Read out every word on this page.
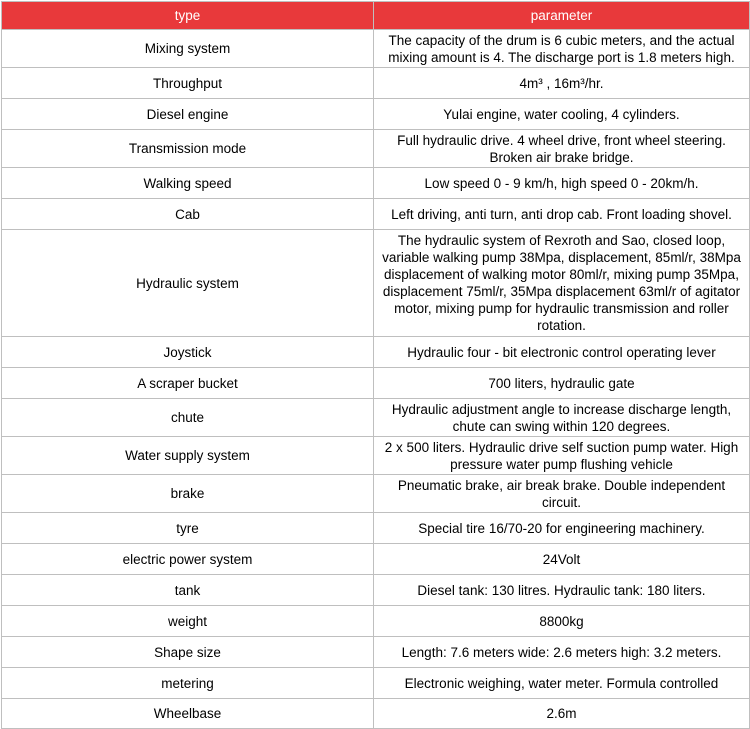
type	parameter
Mixing system	The capacity of the drum is 6 cubic meters, and the actual mixing amount is 4. The discharge port is 1.8 meters high.
Throughput	4m³ , 16m³/hr.
Diesel engine	Yulai engine, water cooling, 4 cylinders.
Transmission mode	Full hydraulic drive. 4 wheel drive, front wheel steering. Broken air brake bridge.
Walking speed	Low speed 0 - 9 km/h, high speed 0 - 20km/h.
Cab	Left driving, anti turn, anti drop cab. Front loading shovel.
Hydraulic system	The hydraulic system of Rexroth and Sao, closed loop, variable walking pump 38Mpa, displacement, 85ml/r, 38Mpa displacement of walking motor 80ml/r, mixing pump 35Mpa, displacement 75ml/r, 35Mpa displacement 63ml/r of agitator motor, mixing pump for hydraulic transmission and roller rotation.
Joystick	Hydraulic four - bit electronic control operating lever
A scraper bucket	700 liters, hydraulic gate
chute	Hydraulic adjustment angle to increase discharge length, chute can swing within 120 degrees.
Water supply system	2 x 500 liters. Hydraulic drive self suction pump water. High pressure water pump flushing vehicle
brake	Pneumatic brake, air break brake. Double independent circuit.
tyre	Special tire 16/70-20 for engineering machinery.
electric power system	24Volt
tank	Diesel tank: 130 litres. Hydraulic tank: 180 liters.
weight	8800kg
Shape size	Length: 7.6 meters wide: 2.6 meters high: 3.2 meters.
metering	Electronic weighing, water meter. Formula controlled
Wheelbase	2.6m
